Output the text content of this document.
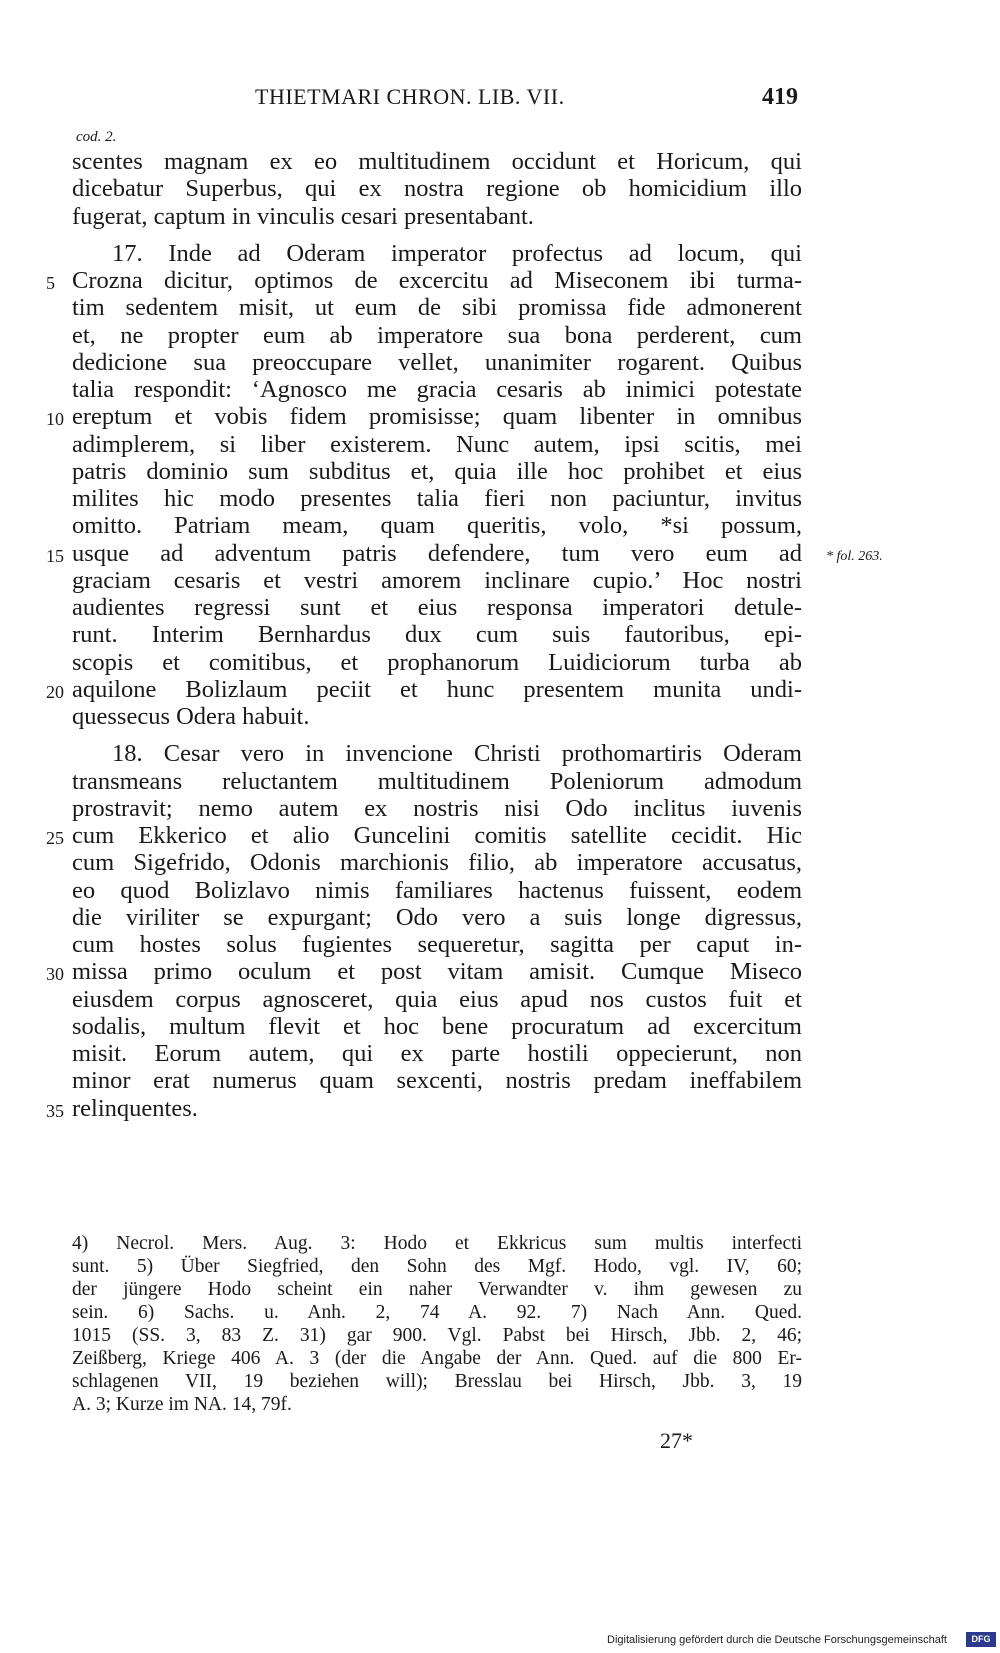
THIETMARI CHRON. LIB. VII.	419
cod. 2.
scentes magnam ex eo multitudinem occidunt et Horicum, qui
dicebatur Superbus, qui ex nostra regione ob homicidium illo
fugerat, captum in vinculis cesari presentabant.
17. Inde ad Oderam imperator profectus ad locum, qui
Crozna dicitur, optimos de excercitu ad Miseconem ibi turma-
5
tim sedentem misit, ut eum de sibi promissa fide admonerent
et, ne propter eum ab imperatore sua bona perderent, cum
dedicione sua preoccupare vellet, unanimiter rogarent. Quibus
talia respondit: ‘Agnosco me gracia cesaris ab inimici potestate
ereptum et vobis fidem promisisse; quam libenter in omnibus
10
adimplerem, si liber existerem. Nunc autem, ipsi scitis, mei
patris dominio sum subditus et, quia ille hoc prohibet et eius
milites hic modo presentes talia fieri non paciuntur, invitus
omitto. Patriam meam, quam queritis, volo, *si possum,
usque ad adventum patris defendere, tum vero eum ad
15
graciam cesaris et vestri amorem inclinare cupio.’ Hoc nostri
audientes regressi sunt et eius responsa imperatori detule-
runt. Interim Bernhardus dux cum suis fautoribus, epi-
scopis et comitibus, et prophanorum Luidiciorum turba ab
aquilone Bolizlaum peciit et hunc presentem munita undi-
20
quessecus Odera habuit.
18. Cesar vero in invencione Christi prothomartiris Oderam
transmeans reluctantem multitudinem Poleniorum admodum
prostravit; nemo autem ex nostris nisi Odo inclitus iuvenis
cum Ekkerico et alio Guncelini comitis satellite cecidit. Hic
25
cum Sigefrido, Odonis marchionis filio, ab imperatore accusatus,
eo quod Bolizlavo nimis familiares hactenus fuissent, eodem
die viriliter se expurgant; Odo vero a suis longe digressus,
cum hostes solus fugientes sequeretur, sagitta per caput in-
missa primo oculum et post vitam amisit. Cumque Miseco
30
eiusdem corpus agnosceret, quia eius apud nos custos fuit et
sodalis, multum flevit et hoc bene procuratum ad excercitum
misit. Eorum autem, qui ex parte hostili oppecierunt, non
minor erat numerus quam sexcenti, nostris predam ineffabilem
relinquentes.
35
* fol. 263.
4) Necrol. Mers. Aug. 3: Hodo et Ekkricus sum multis interfecti
sunt. 5) Über Siegfried, den Sohn des Mgf. Hodo, vgl. IV, 60;
der jüngere Hodo scheint ein naher Verwandter v. ihm gewesen zu
sein. 6) Sachs. u. Anh. 2, 74 A. 92. 7) Nach Ann. Qued.
1015 (SS. 3, 83 Z. 31) gar 900. Vgl. Pabst bei Hirsch, Jbb. 2, 46;
Zeißberg, Kriege 406 A. 3 (der die Angabe der Ann. Qued. auf die 800 Er-
schlagenen VII, 19 beziehen will); Bresslau bei Hirsch, Jbb. 3, 19
A. 3; Kurze im NA. 14, 79f.
27*
Digitalisierung gefördert durch die Deutsche Forschungsgemeinschaft	DFG
